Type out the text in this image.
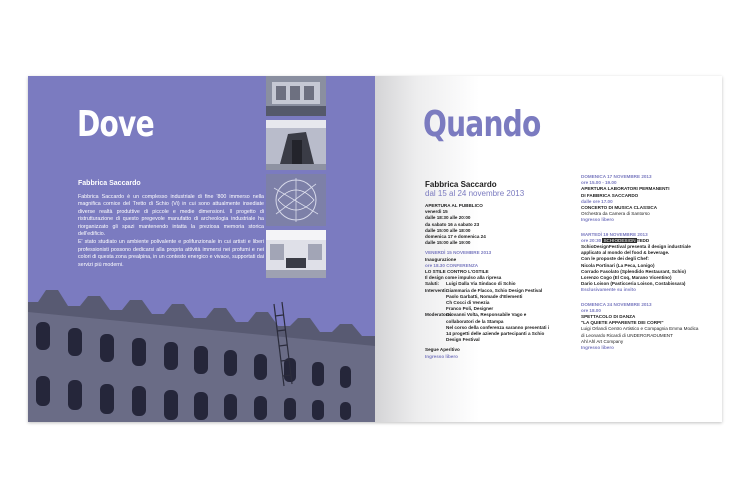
Dove
Fabbrica Saccardo

Fabbrica Saccardo è un complesso industriale di fine '800 immerso nella magnifica cornice del Tretto di Schio (Vi) in cui sono attualmente insediate diverse realtà produttive di piccole e medie dimensioni. Il progetto di ristrutturazione di questo pregevole manufatto di archeologia industriale ha riorganizzato gli spazi mantenendo intatta la preziosa memoria storica dell'edificio.

E' stato studiato un ambiente polivalente e polifunzionale in cui artisti e liberi professionisti possono dedicarsi alla propria attività immersi nei profumi e nei colori di questa zona prealpina, in un contesto energico e vivace, supportati dai servizi più moderni.

Quando
Fabbrica Saccardo
dal 15 al 24 novembre 2013
APERTURA AL PUBBLICO
venerdì 15
dalle 18:30 alle 20:00
da sabato 16 a sabato 23
dalle 15:00 alle 18:00
domenica 17 e domenica 24
dalle 15:00 alle 19:00
VENERDÌ 15 NOVEMBRE 2013
Inaugurazione
ore 18.30 CONFERENZA
LO STILE CONTRO L'OSTILE
Il design come impulso alla ripresa
Saluti:	Luigi Dalla Via Sindaco di Schio
Interventi:
Giammaria de Flacco, Schio Design Festival
Paolo Garbatti, Nomade d'Elementi
Ch Cocci di Venezia
Franco Poli, Designer
Moderatore:
Giovanni Volta, Responsabile Vago e collaboratori de la Stampa
Nel corso della conferenza saranno presentati i 14 progetti delle aziende partecipanti a Schio Design Festival
Segue Aperitivo
Ingresso libero
DOMENICA 17 NOVEMBRE 2013
ore 15.00 - 19.00
APERTURA LABORATORI PERMANENTI
DI FABBRICA SACCARDO
dalle ore 17.00
CONCERTO DI MUSICA CLASSICA
Orchestra da Camera di Santorso
Ingresso libero
MARTEDÌ 19 NOVEMBRE 2013
ore 20:30 SCHIODESIGNTEDD
SchioDesignFestival presenta il design industriale
applicato al mondo del food & beverage.
Con le proposte dei degli Chef:
Nicola Portinari (La Peca, Lonigo)
Corrado Fasolato (Splendido Restaurant, Schio)
Lorenzo Cogo (El Coq, Marano Vicentino)
Dario Loison (Pasticceria Loison, Costabissara)
Esclusivamente su invito
DOMENICA 24 NOVEMBRE 2013
ore 18.00
SPETTACOLO DI DANZA
"LA QUIETE APPARENTE DEI CORPI"
Luigi Orlandi Centro Artistico e Compagnia Emma Modica
di Leonardo Ricardi di UNDERGRADUMENT
Ahl Ahl Art Company
Ingresso libero
